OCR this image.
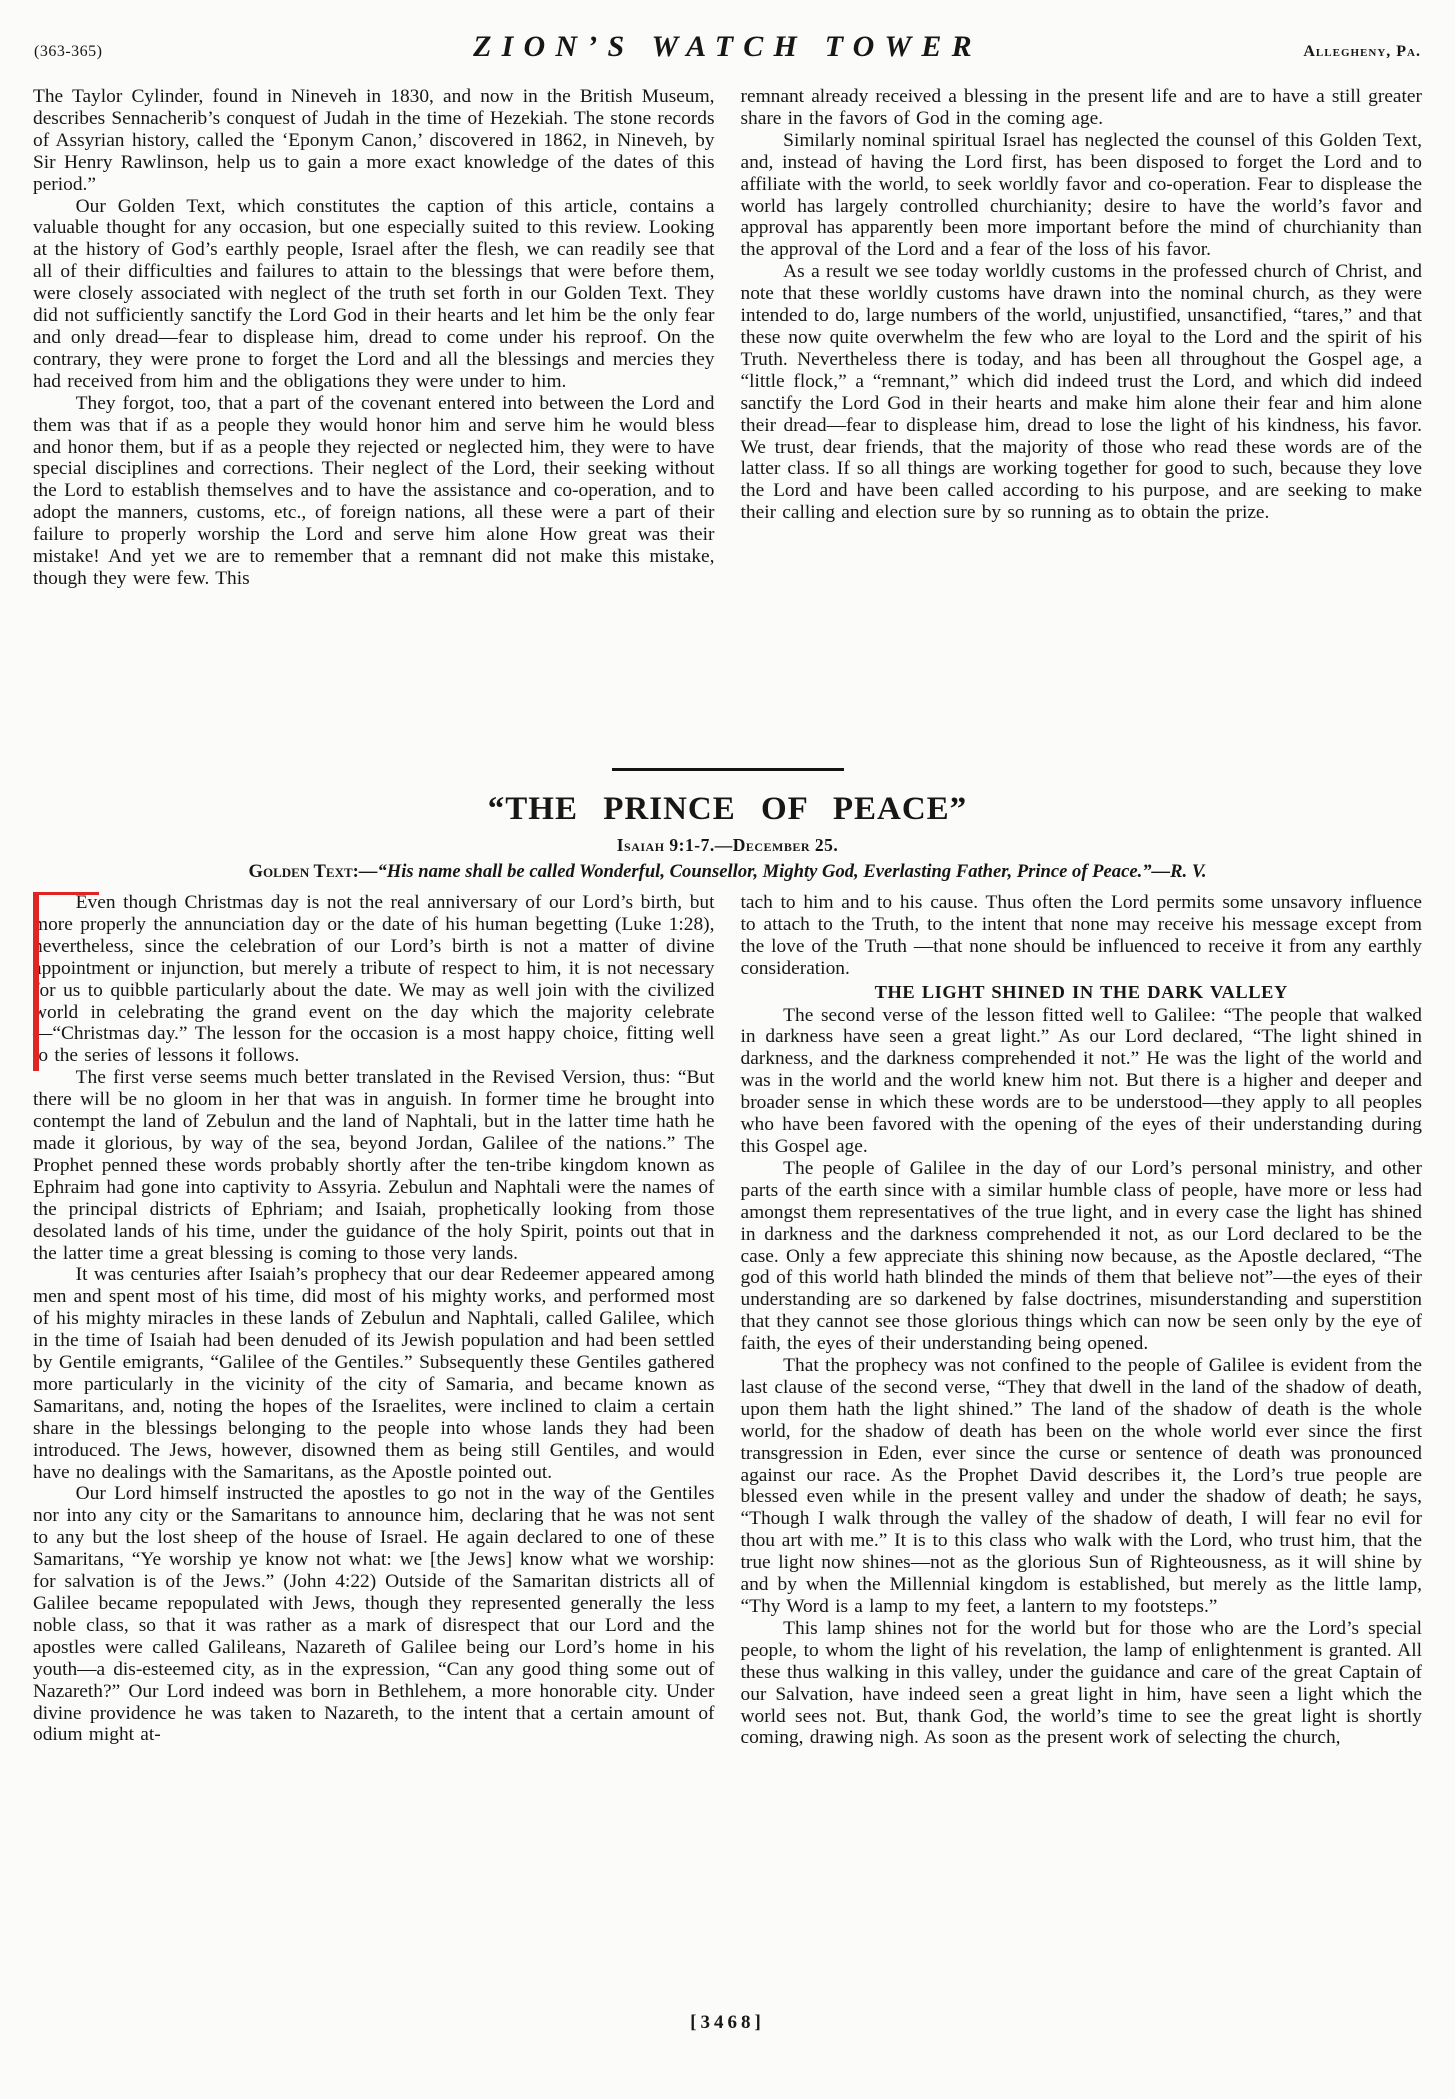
(363-365)	ZION’S WATCH TOWER	Allegheny, Pa.

The Taylor Cylinder, found in Nineveh in 1830, and now in the British Museum, describes Sennacherib’s conquest of Judah in the time of Hezekiah. The stone records of Assyrian history, called the ‘Eponym Canon,’ discovered in 1862, in Nineveh, by Sir Henry Rawlinson, help us to gain a more exact knowledge of the dates of this period.”

Our Golden Text, which constitutes the caption of this article, contains a valuable thought for any occasion, but one especially suited to this review. Looking at the history of God’s earthly people, Israel after the flesh, we can readily see that all of their difficulties and failures to attain to the blessings that were before them, were closely associated with neglect of the truth set forth in our Golden Text. They did not sufficiently sanctify the Lord God in their hearts and let him be the only fear and only dread—fear to displease him, dread to come under his reproof. On the contrary, they were prone to forget the Lord and all the blessings and mercies they had received from him and the obligations they were under to him.

They forgot, too, that a part of the covenant entered into between the Lord and them was that if as a people they would honor him and serve him he would bless and honor them, but if as a people they rejected or neglected him, they were to have special disciplines and corrections. Their neglect of the Lord, their seeking without the Lord to establish themselves and to have the assistance and co-operation, and to adopt the manners, customs, etc., of foreign nations, all these were a part of their failure to properly worship the Lord and serve him alone How great was their mistake! And yet we are to remember that a remnant did not make this mistake, though they were few. This

remnant already received a blessing in the present life and are to have a still greater share in the favors of God in the coming age.

Similarly nominal spiritual Israel has neglected the counsel of this Golden Text, and, instead of having the Lord first, has been disposed to forget the Lord and to affiliate with the world, to seek worldly favor and co-operation. Fear to displease the world has largely controlled churchianity; desire to have the world’s favor and approval has apparently been more important before the mind of churchianity than the approval of the Lord and a fear of the loss of his favor.

As a result we see today worldly customs in the professed church of Christ, and note that these worldly customs have drawn into the nominal church, as they were intended to do, large numbers of the world, unjustified, unsanctified, “tares,” and that these now quite overwhelm the few who are loyal to the Lord and the spirit of his Truth. Nevertheless there is today, and has been all throughout the Gospel age, a “little flock,” a “remnant,” which did indeed trust the Lord, and which did indeed sanctify the Lord God in their hearts and make him alone their fear and him alone their dread—fear to displease him, dread to lose the light of his kindness, his favor. We trust, dear friends, that the majority of those who read these words are of the latter class. If so all things are working together for good to such, because they love the Lord and have been called according to his purpose, and are seeking to make their calling and election sure by so running as to obtain the prize.

“THE PRINCE OF PEACE”
Isaiah 9:1-7.—December 25.
Golden Text:—“His name shall be called Wonderful, Counsellor, Mighty God, Everlasting Father, Prince of Peace.”—R. V.

Even though Christmas day is not the real anniversary of our Lord’s birth, but more properly the annunciation day or the date of his human begetting (Luke 1:28), nevertheless, since the celebration of our Lord’s birth is not a matter of divine appointment or injunction, but merely a tribute of respect to him, it is not necessary for us to quibble particularly about the date. We may as well join with the civilized world in celebrating the grand event on the day which the majority celebrate —“Christmas day.” The lesson for the occasion is a most happy choice, fitting well to the series of lessons it follows.

The first verse seems much better translated in the Revised Version, thus: “But there will be no gloom in her that was in anguish. In former time he brought into contempt the land of Zebulun and the land of Naphtali, but in the latter time hath he made it glorious, by way of the sea, beyond Jordan, Galilee of the nations.” The Prophet penned these words probably shortly after the ten-tribe kingdom known as Ephraim had gone into captivity to Assyria. Zebulun and Naphtali were the names of the principal districts of Ephriam; and Isaiah, prophetically looking from those desolated lands of his time, under the guidance of the holy Spirit, points out that in the latter time a great blessing is coming to those very lands.

It was centuries after Isaiah’s prophecy that our dear Redeemer appeared among men and spent most of his time, did most of his mighty works, and performed most of his mighty miracles in these lands of Zebulun and Naphtali, called Galilee, which in the time of Isaiah had been denuded of its Jewish population and had been settled by Gentile emigrants, “Galilee of the Gentiles.” Subsequently these Gentiles gathered more particularly in the vicinity of the city of Samaria, and became known as Samaritans, and, noting the hopes of the Israelites, were inclined to claim a certain share in the blessings belonging to the people into whose lands they had been introduced. The Jews, however, disowned them as being still Gentiles, and would have no dealings with the Samaritans, as the Apostle pointed out.

Our Lord himself instructed the apostles to go not in the way of the Gentiles nor into any city or the Samaritans to announce him, declaring that he was not sent to any but the lost sheep of the house of Israel. He again declared to one of these Samaritans, “Ye worship ye know not what: we [the Jews] know what we worship: for salvation is of the Jews.” (John 4:22) Outside of the Samaritan districts all of Galilee became repopulated with Jews, though they represented generally the less noble class, so that it was rather as a mark of disrespect that our Lord and the apostles were called Galileans, Nazareth of Galilee being our Lord’s home in his youth—a dis-esteemed city, as in the expression, “Can any good thing some out of Nazareth?” Our Lord indeed was born in Bethlehem, a more honorable city. Under divine providence he was taken to Nazareth, to the intent that a certain amount of odium might at-

tach to him and to his cause. Thus often the Lord permits some unsavory influence to attach to the Truth, to the intent that none may receive his message except from the love of the Truth —that none should be influenced to receive it from any earthly consideration.

THE LIGHT SHINED IN THE DARK VALLEY

The second verse of the lesson fitted well to Galilee: “The people that walked in darkness have seen a great light.” As our Lord declared, “The light shined in darkness, and the darkness comprehended it not.” He was the light of the world and was in the world and the world knew him not. But there is a higher and deeper and broader sense in which these words are to be understood—they apply to all peoples who have been favored with the opening of the eyes of their understanding during this Gospel age.

The people of Galilee in the day of our Lord’s personal ministry, and other parts of the earth since with a similar humble class of people, have more or less had amongst them representatives of the true light, and in every case the light has shined in darkness and the darkness comprehended it not, as our Lord declared to be the case. Only a few appreciate this shining now because, as the Apostle declared, “The god of this world hath blinded the minds of them that believe not”—the eyes of their understanding are so darkened by false doctrines, misunderstanding and superstition that they cannot see those glorious things which can now be seen only by the eye of faith, the eyes of their understanding being opened.

That the prophecy was not confined to the people of Galilee is evident from the last clause of the second verse, “They that dwell in the land of the shadow of death, upon them hath the light shined.” The land of the shadow of death is the whole world, for the shadow of death has been on the whole world ever since the first transgression in Eden, ever since the curse or sentence of death was pronounced against our race. As the Prophet David describes it, the Lord’s true people are blessed even while in the present valley and under the shadow of death; he says, “Though I walk through the valley of the shadow of death, I will fear no evil for thou art with me.” It is to this class who walk with the Lord, who trust him, that the true light now shines—not as the glorious Sun of Righteousness, as it will shine by and by when the Millennial kingdom is established, but merely as the little lamp, “Thy Word is a lamp to my feet, a lantern to my footsteps.”

This lamp shines not for the world but for those who are the Lord’s special people, to whom the light of his revelation, the lamp of enlightenment is granted. All these thus walking in this valley, under the guidance and care of the great Captain of our Salvation, have indeed seen a great light in him, have seen a light which the world sees not. But, thank God, the world’s time to see the great light is shortly coming, drawing nigh. As soon as the present work of selecting the church,

[3468]
